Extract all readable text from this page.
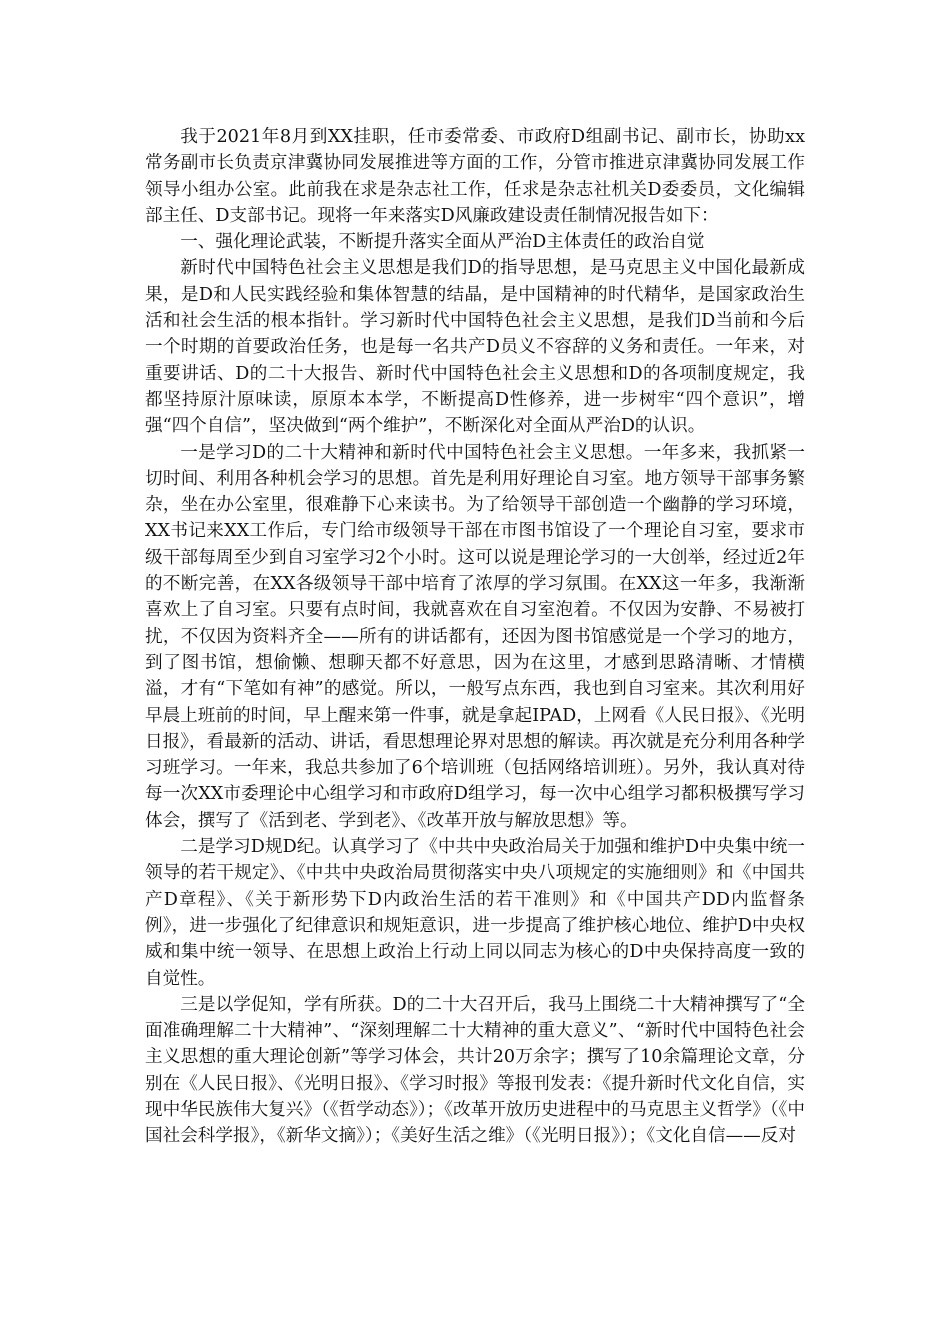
我于2021年8月到XX挂职，任市委常委、市政府D组副书记、副市长，协助xx常务副市长负责京津冀协同发展推进等方面的工作，分管市推进京津冀协同发展工作领导小组办公室。此前我在求是杂志社工作，任求是杂志社机关D委委员，文化编辑部主任、D支部书记。现将一年来落实D风廉政建设责任制情况报告如下：

一、强化理论武装，不断提升落实全面从严治D主体责任的政治自觉

新时代中国特色社会主义思想是我们D的指导思想，是马克思主义中国化最新成果，是D和人民实践经验和集体智慧的结晶，是中国精神的时代精华，是国家政治生活和社会生活的根本指针。学习新时代中国特色社会主义思想，是我们D当前和今后一个时期的首要政治任务，也是每一名共产D员义不容辞的义务和责任。一年来，对重要讲话、D的二十大报告、新时代中国特色社会主义思想和D的各项制度规定，我都坚持原汁原味读，原原本本学，不断提高D性修养，进一步树牢“四个意识”，增强“四个自信”，坚决做到“两个维护”，不断深化对全面从严治D的认识。

一是学习D的二十大精神和新时代中国特色社会主义思想。一年多来，我抓紧一切时间、利用各种机会学习的思想。首先是利用好理论自习室。地方领导干部事务繁杂，坐在办公室里，很难静下心来读书。为了给领导干部创造一个幽静的学习环境，XX书记来XX工作后，专门给市级领导干部在市图书馆设了一个理论自习室，要求市级干部每周至少到自习室学习2个小时。这可以说是理论学习的一大创举，经过近2年的不断完善，在XX各级领导干部中培育了浓厚的学习氛围。在XX这一年多，我渐渐喜欢上了自习室。只要有点时间，我就喜欢在自习室泡着。不仅因为安静、不易被打扰，不仅因为资料齐全——所有的讲话都有，还因为图书馆感觉是一个学习的地方，到了图书馆，想偷懒、想聊天都不好意思，因为在这里，才感到思路清晰、才情横溢，才有“下笔如有神”的感觉。所以，一般写点东西，我也到自习室来。其次利用好早晨上班前的时间，早上醒来第一件事，就是拿起IPAD，上网看《人民日报》、《光明日报》，看最新的活动、讲话，看思想理论界对思想的解读。再次就是充分利用各种学习班学习。一年来，我总共参加了6个培训班（包括网络培训班）。另外，我认真对待每一次XX市委理论中心组学习和市政府D组学习，每一次中心组学习都积极撰写学习体会，撰写了《活到老、学到老》、《改革开放与解放思想》等。

二是学习D规D纪。认真学习了《中共中央政治局关于加强和维护D中央集中统一领导的若干规定》、《中共中央政治局贯彻落实中央八项规定的实施细则》和《中国共产D章程》、《关于新形势下D内政治生活的若干准则》和《中国共产DD内监督条例》，进一步强化了纪律意识和规矩意识，进一步提高了维护核心地位、维护D中央权威和集中统一领导、在思想上政治上行动上同以同志为核心的D中央保持高度一致的自觉性。

三是以学促知，学有所获。D的二十大召开后，我马上围绕二十大精神撰写了“全面准确理解二十大精神”、“深刻理解二十大精神的重大意义”、“新时代中国特色社会主义思想的重大理论创新”等学习体会，共计20万余字；撰写了10余篇理论文章，分别在《人民日报》、《光明日报》、《学习时报》等报刊发表：《提升新时代文化自信，实现中华民族伟大复兴》（《哲学动态》）；《改革开放历史进程中的马克思主义哲学》（《中国社会科学报》，《新华文摘》）；《美好生活之维》（《光明日报》）；《文化自信——反对
